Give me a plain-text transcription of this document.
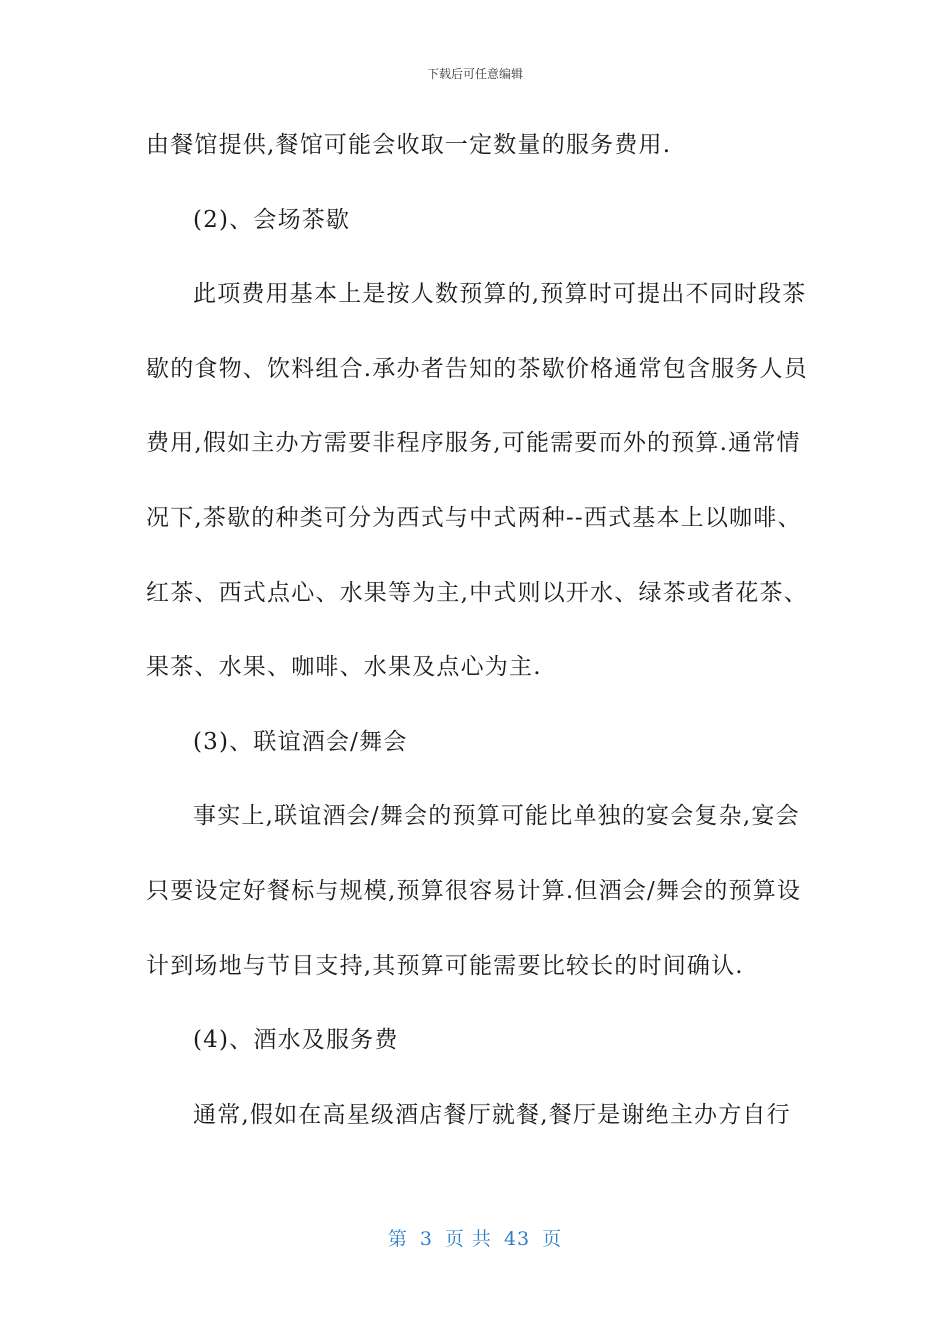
下载后可任意编辑
由餐馆提供,餐馆可能会收取一定数量的服务费用.
(2)、会场茶歇
此项费用基本上是按人数预算的,预算时可提出不同时段茶
歇的食物、饮料组合.承办者告知的茶歇价格通常包含服务人员
费用,假如主办方需要非程序服务,可能需要而外的预算.通常情
况下,茶歇的种类可分为西式与中式两种--西式基本上以咖啡、
红茶、西式点心、水果等为主,中式则以开水、绿茶或者花茶、
果茶、水果、咖啡、水果及点心为主.
(3)、联谊酒会/舞会
事实上,联谊酒会/舞会的预算可能比单独的宴会复杂,宴会
只要设定好餐标与规模,预算很容易计算.但酒会/舞会的预算设
计到场地与节目支持,其预算可能需要比较长的时间确认.
(4)、酒水及服务费
通常,假如在高星级酒店餐厅就餐,餐厅是谢绝主办方自行
第 3 页 共 43 页
